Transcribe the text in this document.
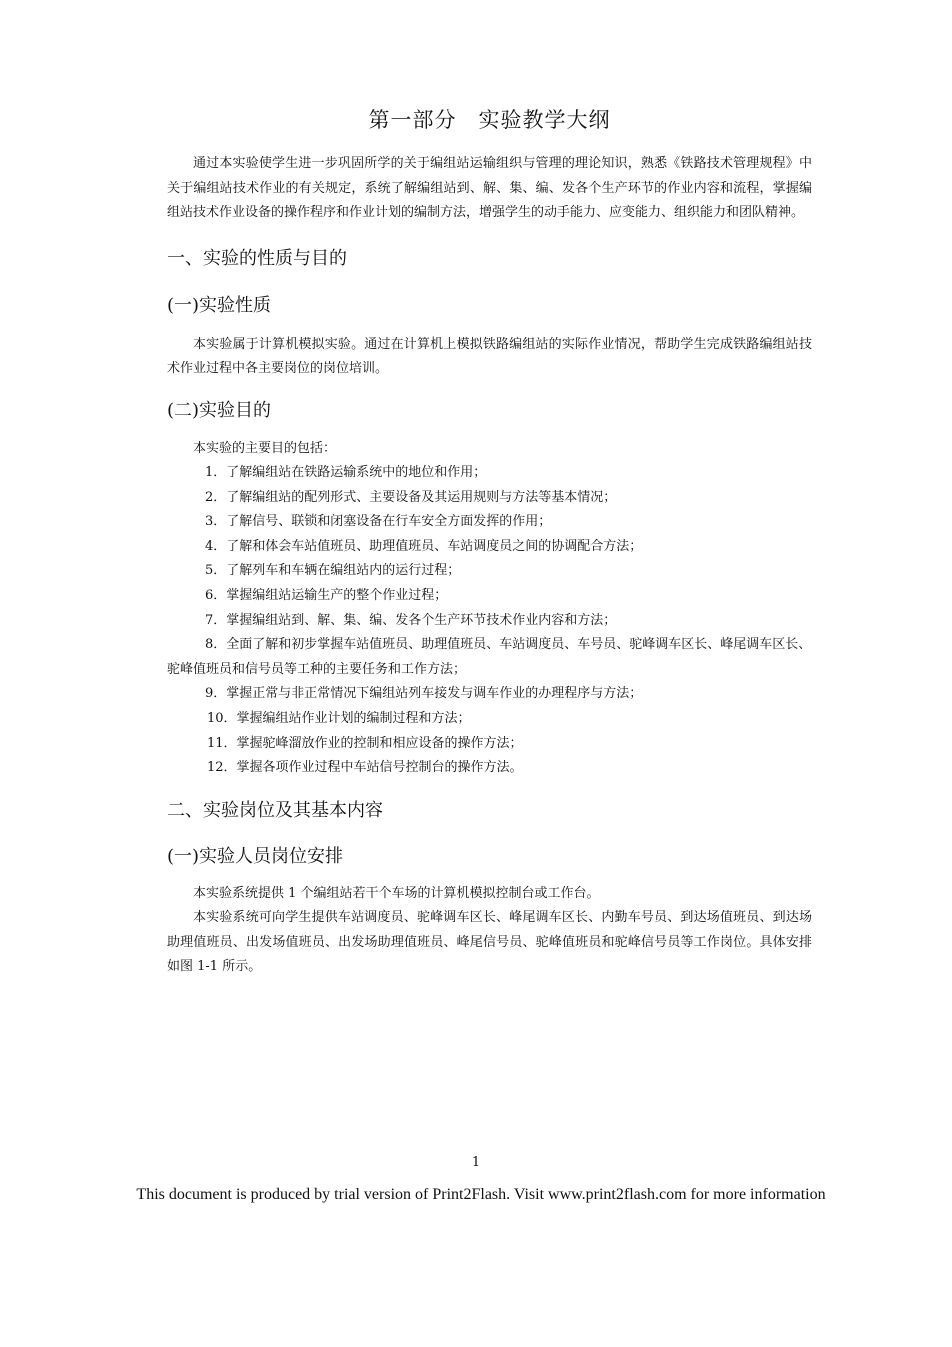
第一部分　实验教学大纲

通过本实验使学生进一步巩固所学的关于编组站运输组织与管理的理论知识，熟悉《铁路技术管理规程》中关于编组站技术作业的有关规定，系统了解编组站到、解、集、编、发各个生产环节的作业内容和流程，掌握编组站技术作业设备的操作程序和作业计划的编制方法，增强学生的动手能力、应变能力、组织能力和团队精神。

一、实验的性质与目的
(一)实验性质

本实验属于计算机模拟实验。通过在计算机上模拟铁路编组站的实际作业情况，帮助学生完成铁路编组站技术作业过程中各主要岗位的岗位培训。

(二)实验目的

本实验的主要目的包括：

1．了解编组站在铁路运输系统中的地位和作用；
2．了解编组站的配列形式、主要设备及其运用规则与方法等基本情况；
3．了解信号、联锁和闭塞设备在行车安全方面发挥的作用；
4．了解和体会车站值班员、助理值班员、车站调度员之间的协调配合方法；
5．了解列车和车辆在编组站内的运行过程；
6．掌握编组站运输生产的整个作业过程；
7．掌握编组站到、解、集、编、发各个生产环节技术作业内容和方法；
8．全面了解和初步掌握车站值班员、助理值班员、车站调度员、车号员、驼峰调车区长、峰尾调车区长、驼峰值班员和信号员等工种的主要任务和工作方法；
9．掌握正常与非正常情况下编组站列车接发与调车作业的办理程序与方法；
10．掌握编组站作业计划的编制过程和方法；
11．掌握驼峰溜放作业的控制和相应设备的操作方法；
12．掌握各项作业过程中车站信号控制台的操作方法。
二、实验岗位及其基本内容
(一)实验人员岗位安排

本实验系统提供 1 个编组站若干个车场的计算机模拟控制台或工作台。

本实验系统可向学生提供车站调度员、驼峰调车区长、峰尾调车区长、内勤车号员、到达场值班员、到达场助理值班员、出发场值班员、出发场助理值班员、峰尾信号员、驼峰值班员和驼峰信号员等工作岗位。具体安排如图 1-1 所示。

1
This document is produced by trial version of Print2Flash. Visit www.print2flash.com for more information
